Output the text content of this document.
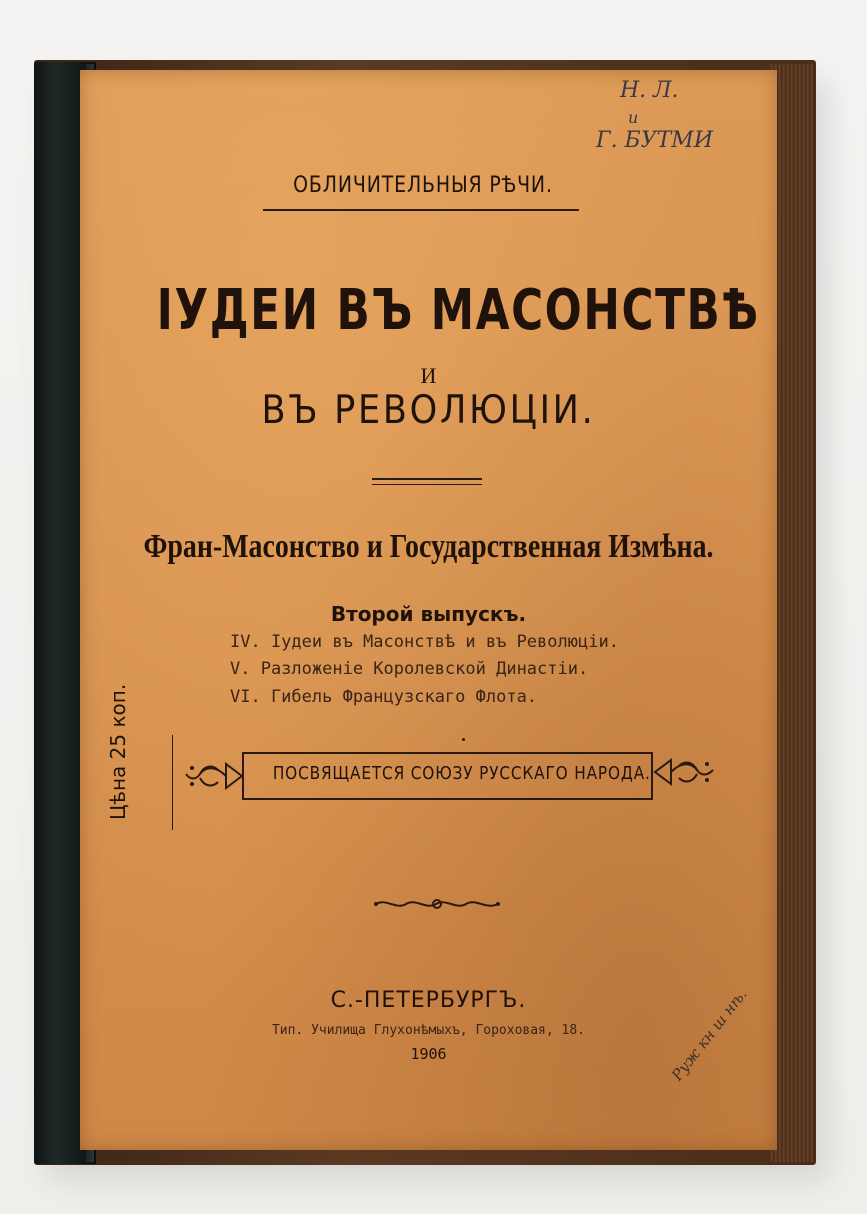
Н. Л.
и
Г. БУТМИ
ОБЛИЧИТЕЛЬНЫЯ РѢЧИ.
ІУДЕИ ВЪ МАСОНСТВѢ
И
ВЪ РЕВОЛЮЦІИ.
Фран-Масонство и Государственная Измѣна.
Второй выпускъ.
IV. Іудеи въ Масонствѣ и въ Революціи.
V. Разложеніе Королевской Династіи.
VI. Гибель Французскаго Флота.
Цѣна 25 коп.	ПОСВЯЩАЕТСЯ СОЮЗУ РУССКАГО НАРОДА.
С.-ПЕТЕРБУРГЪ.
Тип. Училища Глухонѣмыхъ, Гороховая, 18.
1906	Руж кн ш нѣ.
